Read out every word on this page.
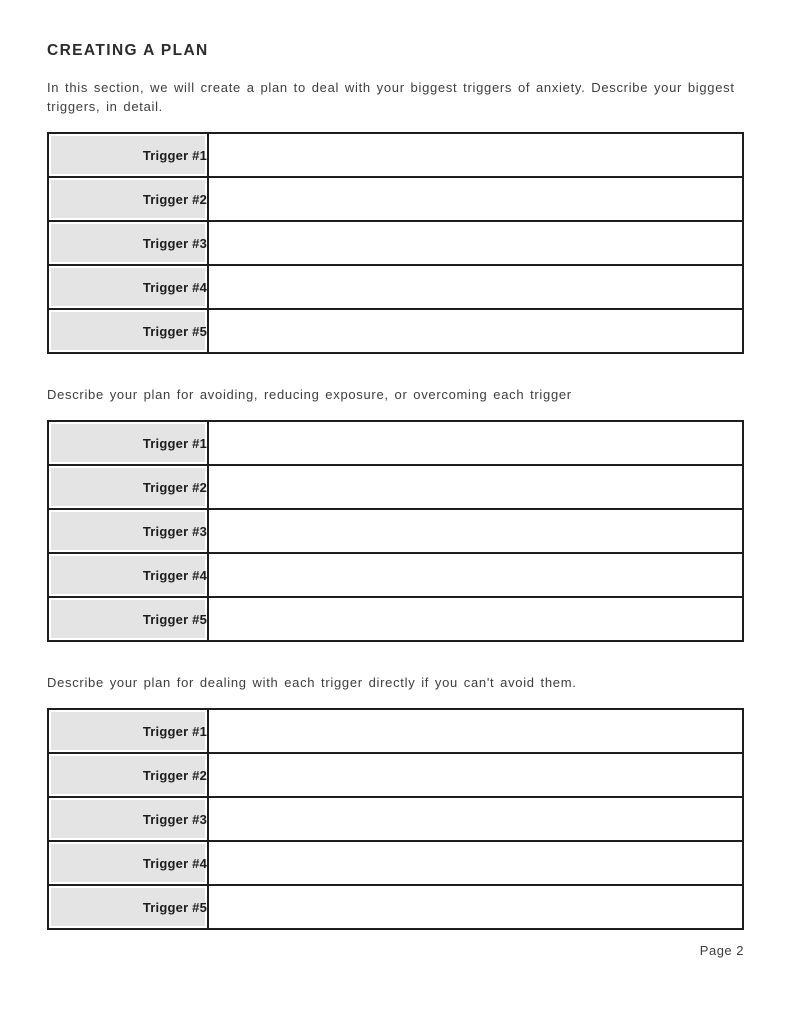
CREATING A PLAN

In this section, we will create a plan to deal with your biggest triggers of anxiety. Describe your biggest triggers, in detail.

Trigger #1	
Trigger #2	
Trigger #3	
Trigger #4	
Trigger #5	

Describe your plan for avoiding, reducing exposure, or overcoming each trigger

Trigger #1	
Trigger #2	
Trigger #3	
Trigger #4	
Trigger #5	

Describe your plan for dealing with each trigger directly if you can't avoid them.

Trigger #1	
Trigger #2	
Trigger #3	
Trigger #4	
Trigger #5	
Page 2
